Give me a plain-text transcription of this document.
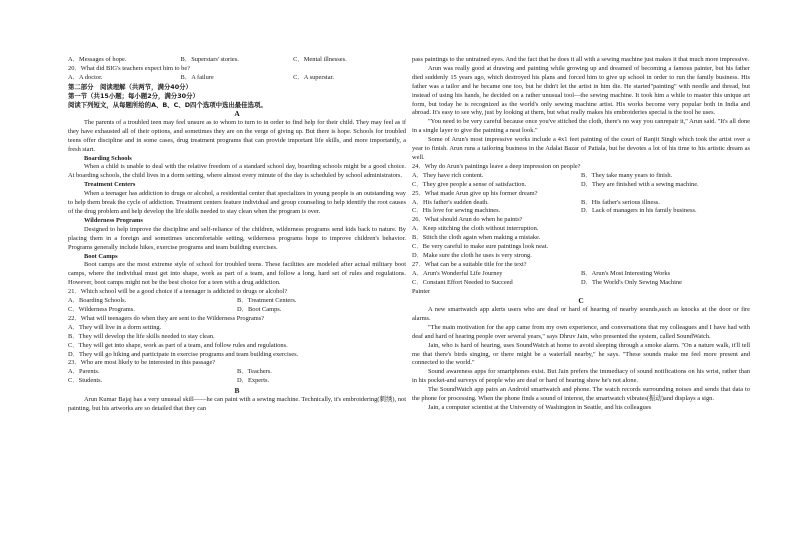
A．Messages of hope.	B．Superstars' stories.	C．Mental illnesses.

20．What did BIG's teachers expect him to be?

A．A doctor.	B．A failure	C．A superstar.

第二部分　阅读理解（共两节，满分40分）

第一节（共15小题；每小题2分，满分30分）

阅读下列短文，从每题所给的A、B、C、D四个选项中选出最佳选项。

A

The parents of a troubled teen may feel unsure as to whom to turn to in order to find help for their child. They may feel as if they have exhausted all of their options, and sometimes they are on the verge of giving up. But there is hope. Schools for troubled teens offer discipline and in some cases, drug treatment programs that can provide important life skills, and more importantly, a fresh start.

Boarding Schools

When a child is unable to deal with the relative freedom of a standard school day, boarding schools might be a good choice. At boarding schools, the child lives in a dorm setting, where almost every minute of the day is scheduled by school administrators.

Treatment Centers

When a teenager has addiction to drugs or alcohol, a residential center that specializes in young people is an outstanding way to help them break the cycle of addiction. Treatment centers feature individual and group counseling to help identify the root causes of the drug problem and help develop the life skills needed to stay clean when the program is over.

Wilderness Programs

Designed to help improve the discipline and self-reliance of the children, wilderness programs send kids back to nature. By placing them in a foreign and sometimes uncomfortable setting, wilderness programs hope to improve children's behavior. Programs generally include hikes, exercise programs and team building exercises.

Boot Camps

Boot camps are the most extreme style of school for troubled teens. These facilities are modeled after actual military boot camps, where the individual must get into shape, work as part of a team, and follow a long, hard set of rules and regulations. However, boot camps might not be the best choice for a teen with a drug addiction.

21．Which school will be a good choice if a teenager is addicted to drugs or alcohol?

A．Boarding Schools.	B．Treatment Centers.
C．Wilderness Programs.	D．Boot Camps.

22．What will teenagers do when they are sent to the Wilderness Programs?

A．They will live in a dorm setting.

B．They will develop the life skills needed to stay clean.

C．They will get into shape, work as part of a team, and follow rules and regulations.

D．They will go hiking and participate in exercise programs and team building exercises.

23．Who are most likely to be interested in this passage?

A．Parents.	B．Teachers.
C．Students.	D．Experts.

B

Arun Kumar Bajaj has a very unusual skill——he can paint with a sewing machine. Technically, it's embroidering(刺绣), not painting, but his artworks are so detailed that they can

pass paintings to the untrained eyes. And the fact that he does it all with a sewing machine just makes it that much more impressive.

Arun was really good at drawing and painting while growing up and dreamed of becoming a famous painter, but his father died suddenly 15 years ago, which destroyed his plans and forced him to give up school in order to run the family business. His father was a tailor and he became one too, but he didn't let the artist in him die. He started"painting" with needle and thread, but instead of using his hands, he decided on a rather unusual tool—the sewing machine. It took him a while to master this unique art form, but today he is recognized as the world's only sewing machine artist. His works become very popular both in India and abroad. It's easy to see why, just by looking at them, but what really makes his embroideries special is the tool he uses.

"You need to be very careful because once you've stitched the cloth, there's no way you canrepair it," Arun said. "It's all done in a single layer to give the painting a neat look."

Some of Arun's most impressive works include a 4x1 feet painting of the court of Ranjit Singh which took the artist over a year to finish. Arun runs a tailoring business in the Adalat Bazar of Patiala, but he devotes a lot of his time to his artistic dream as well.

24．Why do Arun's paintings leave a deep impression on people?

A．They have rich content.	B．They take many years to finish.
C．They give people a sense of satisfaction.	D．They are finished with a sewing machine.

25．What made Arun give up his former dream?

A．His father's sudden death.	B．His father's serious illness.
C．His love for sewing machines.	D．Lack of managers in his family business.

26．What should Arun do when he paints?

A．Keep stitching the cloth without interruption.

B．Stitch the cloth again when making a mistake.

C．Be very careful to make sure paintings look neat.

D．Make sure the cloth he uses is very strong.

27．What can be a suitable title for the text?

A．Arun's Wonderful Life Journey	B．Arun's Most Interesting Works
C．Constant Effort Needed to Succeed	D．The World's Only Sewing Machine

Painter

C

A new smartwatch app alerts users who are deaf or hard of hearing of nearby sounds,such as knocks at the door or fire alarms.

"The main motivation for the app came from my own experience, and conversations that my colleagues and I have had with deaf and hard of hearing people over several years," says Dhruv Jain, who presented the system, called SoundWatch.

Jain, who is hard of hearing, uses SoundWatch at home to avoid sleeping through a smoke alarm. "On a nature walk, it'll tell me that there's birds singing, or there might be a waterfall nearby," he says. "These sounds make me feel more present and connected to the world."

Sound awareness apps for smartphones exist. But Jain prefers the immediacy of sound notifications on his wrist, rather than in his pocket-and surveys of people who are deaf or hard of hearing show he's not alone.

The SoundWatch app pairs an Android smartwatch and phone. The watch records surrounding noises and sends that data to the phone for processing. When the phone finds a sound of interest, the smartwatch vibrates(振动)and displays a sign.

Jain, a computer scientist at the University of Washington in Seattle, and his colleagues
